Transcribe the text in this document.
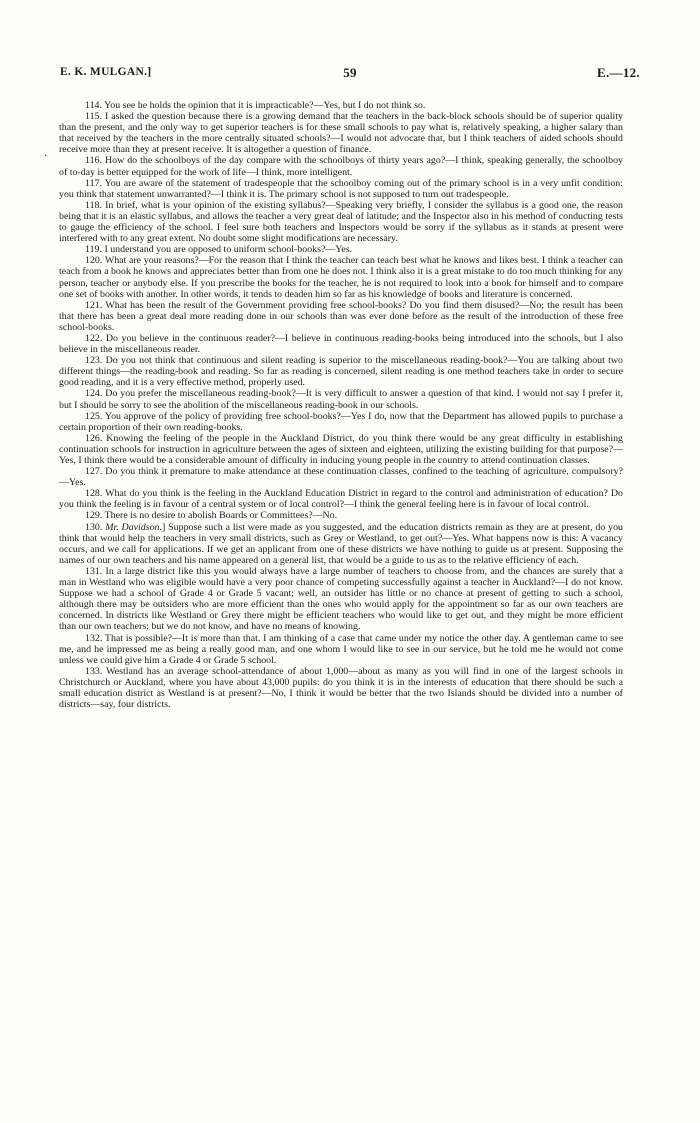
E. K. MULGAN.]	59	E.—12.
·

114. You see he holds the opinion that it is impracticable?—Yes, but I do not think so.

115. I asked the question because there is a growing demand that the teachers in the back-block schools should be of superior quality than the present, and the only way to get superior teachers is for these small schools to pay what is, relatively speaking, a higher salary than that received by the teachers in the more centrally situated schools?—I would not advocate that, but I think teachers of aided schools should receive more than they at present receive. It is altogether a question of finance.

116. How do the schoolboys of the day compare with the schoolboys of thirty years ago?—I think, speaking generally, the schoolboy of to-day is better equipped for the work of life—I think, more intelligent.

117. You are aware of the statement of tradespeople that the schoolboy coming out of the primary school is in a very unfit condition: you think that statement unwarranted?—I think it is. The primary school is not supposed to turn out tradespeople.

118. In brief, what is your opinion of the existing syllabus?—Speaking very briefly, I consider the syllabus is a good one, the reason being that it is an elastic syllabus, and allows the teacher a very great deal of latitude; and the Inspector also in his method of conducting tests to gauge the efficiency of the school. I feel sure both teachers and Inspectors would be sorry if the syllabus as it stands at present were interfered with to any great extent. No doubt some slight modifications are necessary.

119. I understand you are opposed to uniform school-books?—Yes.

120. What are your reasons?—For the reason that I think the teacher can teach best what he knows and likes best. I think a teacher can teach from a book he knows and appreciates better than from one he does not. I think also it is a great mistake to do too much thinking for any person, teacher or anybody else. If you prescribe the books for the teacher, he is not required to look into a book for himself and to compare one set of books with another. In other words, it tends to deaden him so far as his knowledge of books and literature is concerned.

121. What has been the result of the Government providing free school-books? Do you find them disused?—No; the result has been that there has been a great deal more reading done in our schools than was ever done before as the result of the introduction of these free school-books.

122. Do you believe in the continuous reader?—I believe in continuous reading-books being introduced into the schools, but I also believe in the miscellaneous reader.

123. Do you not think that continuous and silent reading is superior to the miscellaneous reading-book?—You are talking about two different things—the reading-book and reading. So far as reading is concerned, silent reading is one method teachers take in order to secure good reading, and it is a very effective method, properly used.

124. Do you prefer the miscellaneous reading-book?—It is very difficult to answer a question of that kind. I would not say I prefer it, but I should be sorry to see the abolition of the miscellaneous reading-book in our schools.

125. You approve of the policy of providing free school-books?—Yes I do, now that the Department has allowed pupils to purchase a certain proportion of their own reading-books.

126. Knowing the feeling of the people in the Auckland District, do you think there would be any great difficulty in establishing continuation schools for instruction in agriculture between the ages of sixteen and eighteen, utilizing the existing building for that purpose?—Yes, I think there would be a considerable amount of difficulty in inducing young people in the country to attend continuation classes.

127. Do you think it premature to make attendance at these continuation classes, confined to the teaching of agriculture, compulsory?—Yes.

128. What do you think is the feeling in the Auckland Education District in regard to the control and administration of education? Do you think the feeling is in favour of a central system or of local control?—I think the general feeling here is in favour of local control.

129. There is no desire to abolish Boards or Committees?—No.

130. Mr. Davidson.] Suppose such a list were made as you suggested, and the education districts remain as they are at present, do you think that would help the teachers in very small districts, such as Grey or Westland, to get out?—Yes. What happens now is this: A vacancy occurs, and we call for applications. If we get an applicant from one of these districts we have nothing to guide us at present. Supposing the names of our own teachers and his name appeared on a general list, that would be a guide to us as to the relative efficiency of each.

131. In a large district like this you would always have a large number of teachers to choose from, and the chances are surely that a man in Westland who was eligible would have a very poor chance of competing successfully against a teacher in Auckland?—I do not know. Suppose we had a school of Grade 4 or Grade 5 vacant; well, an outsider has little or no chance at present of getting to such a school, although there may be outsiders who are more efficient than the ones who would apply for the appointment so far as our own teachers are concerned. In districts like Westland or Grey there might be efficient teachers who would like to get out, and they might be more efficient than our own teachers; but we do not know, and have no means of knowing.

132. That is possible?—It is more than that. I am thinking of a case that came under my notice the other day. A gentleman came to see me, and he impressed me as being a really good man, and one whom I would like to see in our service, but he told me he would not come unless we could give him a Grade 4 or Grade 5 school.

133. Westland has an average school-attendance of about 1,000—about as many as you will find in one of the largest schools in Christchurch or Auckland, where you have about 43,000 pupils: do you think it is in the interests of education that there should be such a small education district as Westland is at present?—No, I think it would be better that the two Islands should be divided into a number of districts—say, four districts.
